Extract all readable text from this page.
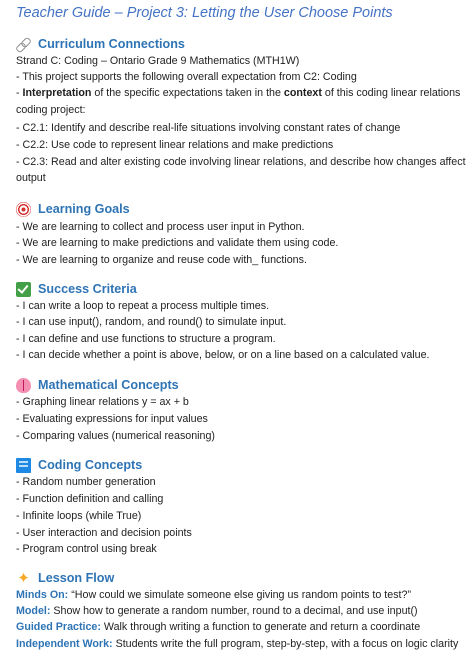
Teacher Guide – Project 3: Letting the User Choose Points
Curriculum Connections
Strand C: Coding – Ontario Grade 9 Mathematics (MTH1W)
- This project supports the following overall expectation from C2: Coding
- Interpretation of the specific expectations taken in the context of this coding linear relations
coding project:
- C2.1: Identify and describe real-life situations involving constant rates of change
- C2.2: Use code to represent linear relations and make predictions
- C2.3: Read and alter existing code involving linear relations, and describe how changes affect
output
Learning Goals
- We are learning to collect and process user input in Python.
- We are learning to make predictions and validate them using code.
- We are learning to organize and reuse code with_ functions.
Success Criteria
- I can write a loop to repeat a process multiple times.
- I can use input(), random, and round() to simulate input.
- I can define and use functions to structure a program.
- I can decide whether a point is above, below, or on a line based on a calculated value.
Mathematical Concepts
- Graphing linear relations y = ax + b
- Evaluating expressions for input values
- Comparing values (numerical reasoning)
Coding Concepts
- Random number generation
- Function definition and calling
- Infinite loops (while True)
- User interaction and decision points
- Program control using break
✦ Lesson Flow
Minds On: “How could we simulate someone else giving us random points to test?”
Model: Show how to generate a random number, round to a decimal, and use input()
Guided Practice: Walk through writing a function to generate and return a coordinate
Independent Work: Students write the full program, step-by-step, with a focus on logic clarity
